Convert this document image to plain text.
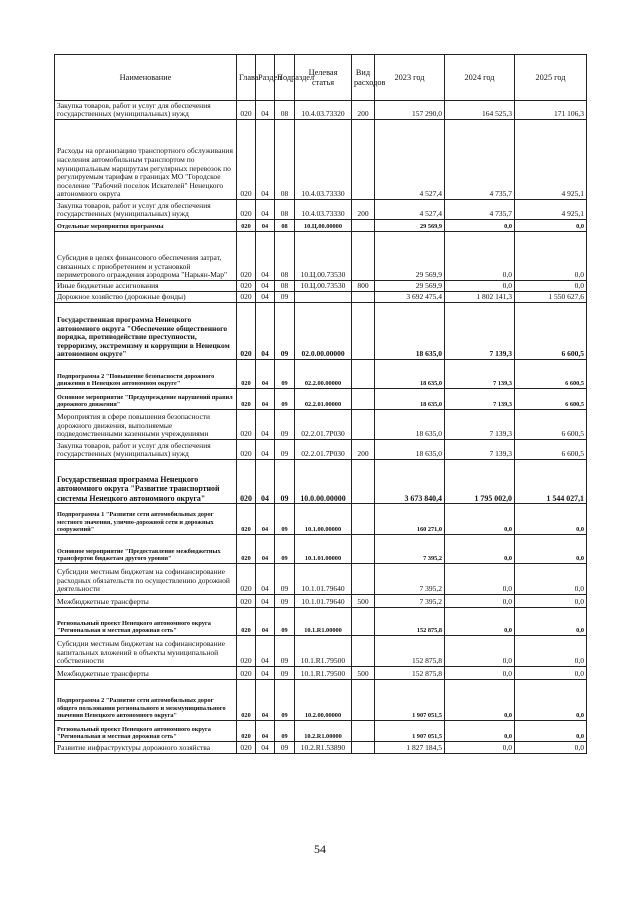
Наименование	Глава	Раздел	Подраздел	Целевая статья	Вид расходов	2023 год	2024 год	2025 год
Закупка товаров, работ и услуг для обеспечения государственных (муниципальных) нужд	020	04	08	10.4.03.73320	200	157 290,0	164 525,3	171 106,3
Расходы на организацию транспортного обслуживания населения автомобильным транспортом по муниципальным маршрутам регулярных перевозок по регулируемым тарифам в границах МО "Городское поселение "Рабочий поселок Искателей" Ненецкого автономного округа	020	04	08	10.4.03.73330		4 527,4	4 735,7	4 925,1
Закупка товаров, работ и услуг для обеспечения государственных (муниципальных) нужд	020	04	08	10.4.03.73330	200	4 527,4	4 735,7	4 925,1
Отдельные мероприятия программы	020	04	08	10.Ц.00.00000		29 569,9	0,0	0,0
Субсидия в целях финансового обеспечения затрат, связанных с приобретением и установкой периметрового ограждения аэродрома "Нарьян-Мар"	020	04	08	10.Ц.00.73530		29 569,9	0,0	0,0
Иные бюджетные ассигнования	020	04	08	10.Ц.00.73530	800	29 569,9	0,0	0,0
Дорожное хозяйство (дорожные фонды)	020	04	09			3 692 475,4	1 802 141,3	1 550 627,6
Государственная программа Ненецкого автономного округа "Обеспечение общественного порядка, противодействие преступности, терроризму, экстремизму и коррупции в Ненецком автономном округе"	020	04	09	02.0.00.00000		18 635,0	7 139,3	6 600,5
Подпрограмма 2 "Повышение безопасности дорожного движения в Ненецком автономном округе"	020	04	09	02.2.00.00000		18 635,0	7 139,3	6 600,5
Основное мероприятие "Предупреждение нарушений правил дорожного движения"	020	04	09	02.2.01.00000		18 635,0	7 139,3	6 600,5
Мероприятия в сфере повышения безопасности дорожного движения, выполняемые подведомственными казенными учреждениями	020	04	09	02.2.01.7Р030		18 635,0	7 139,3	6 600,5
Закупка товаров, работ и услуг для обеспечения государственных (муниципальных) нужд	020	04	09	02.2.01.7Р030	200	18 635,0	7 139,3	6 600,5
Государственная программа Ненецкого автономного округа "Развитие транспортной системы Ненецкого автономного округа"	020	04	09	10.0.00.00000		3 673 840,4	1 795 002,0	1 544 027,1
Подпрограмма 1 "Развитие сети автомобильных дорог местного значения, улично-дорожной сети и дорожных сооружений"	020	04	09	10.1.00.00000		160 271,0	0,0	0,0
Основное мероприятие "Предоставление межбюджетных трансфертов бюджетам другого уровня"	020	04	09	10.1.01.00000		7 395,2	0,0	0,0
Субсидии местным бюджетам на софинансирование расходных обязательств по осуществлению дорожной деятельности	020	04	09	10.1.01.79640		7 395,2	0,0	0,0
Межбюджетные трансферты	020	04	09	10.1.01.79640	500	7 395,2	0,0	0,0
Региональный проект Ненецкого автономного округа "Региональная и местная дорожная сеть"	020	04	09	10.1.R1.00000		152 875,8	0,0	0,0
Субсидии местным бюджетам на софинансирование капитальных вложений в объекты муниципальной собственности	020	04	09	10.1.R1.79500		152 875,8	0,0	0,0
Межбюджетные трансферты	020	04	09	10.1.R1.79500	500	152 875,8	0,0	0,0
Подпрограмма 2 "Развитие сети автомобильных дорог общего пользования регионального и межмуниципального значения Ненецкого автономного округа"	020	04	09	10.2.00.00000		1 907 051,5	0,0	0,0
Региональный проект Ненецкого автономного округа "Региональная и местная дорожная сеть"	020	04	09	10.2.R1.00000		1 907 051,5	0,0	0,0
Развитие инфраструктуры дорожного хозяйства	020	04	09	10.2.R1.53890		1 827 184,5	0,0	0,0
54
